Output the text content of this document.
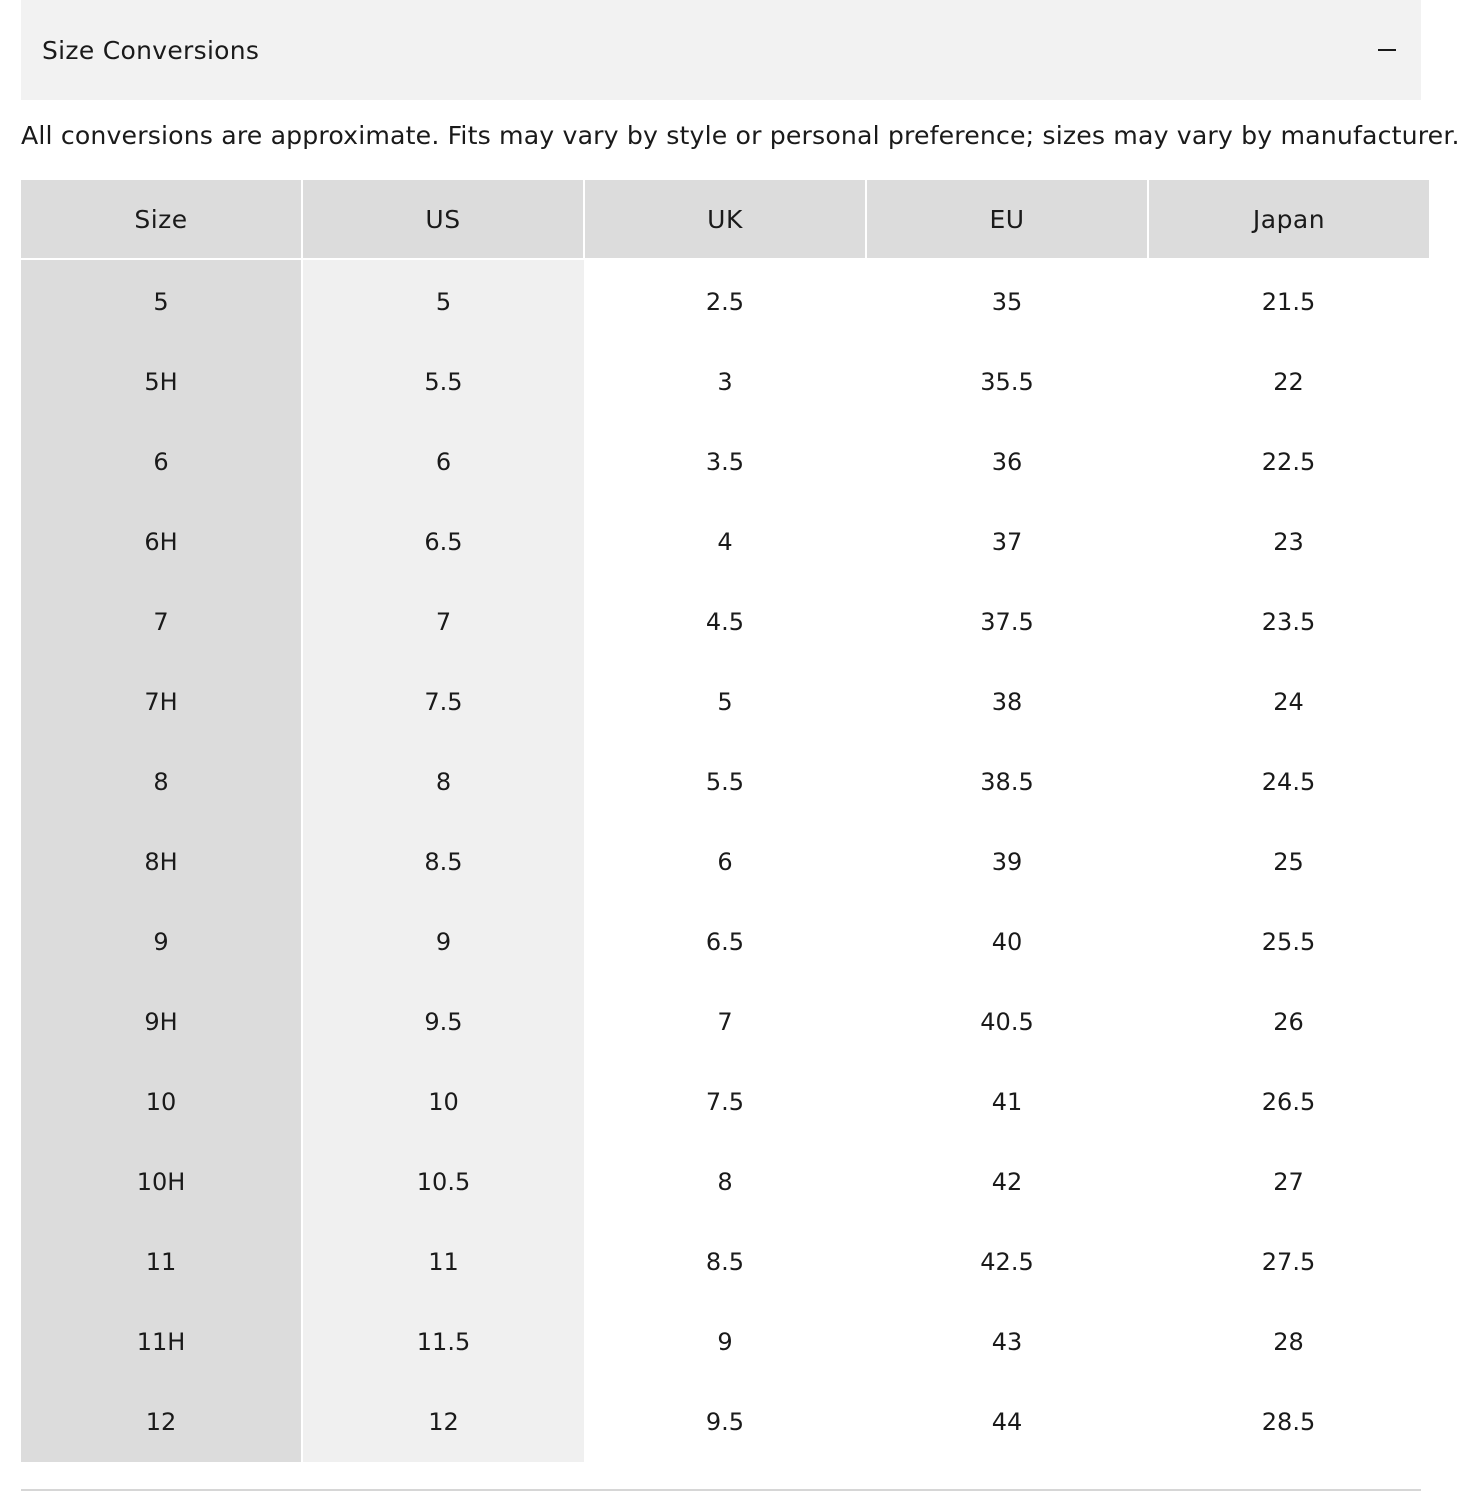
Size Conversions
All conversions are approximate. Fits may vary by style or personal preference; sizes may vary by manufacturer.
Size	US	UK	EU	Japan
5	5	2.5	35	21.5
5H	5.5	3	35.5	22
6	6	3.5	36	22.5
6H	6.5	4	37	23
7	7	4.5	37.5	23.5
7H	7.5	5	38	24
8	8	5.5	38.5	24.5
8H	8.5	6	39	25
9	9	6.5	40	25.5
9H	9.5	7	40.5	26
10	10	7.5	41	26.5
10H	10.5	8	42	27
11	11	8.5	42.5	27.5
11H	11.5	9	43	28
12	12	9.5	44	28.5
